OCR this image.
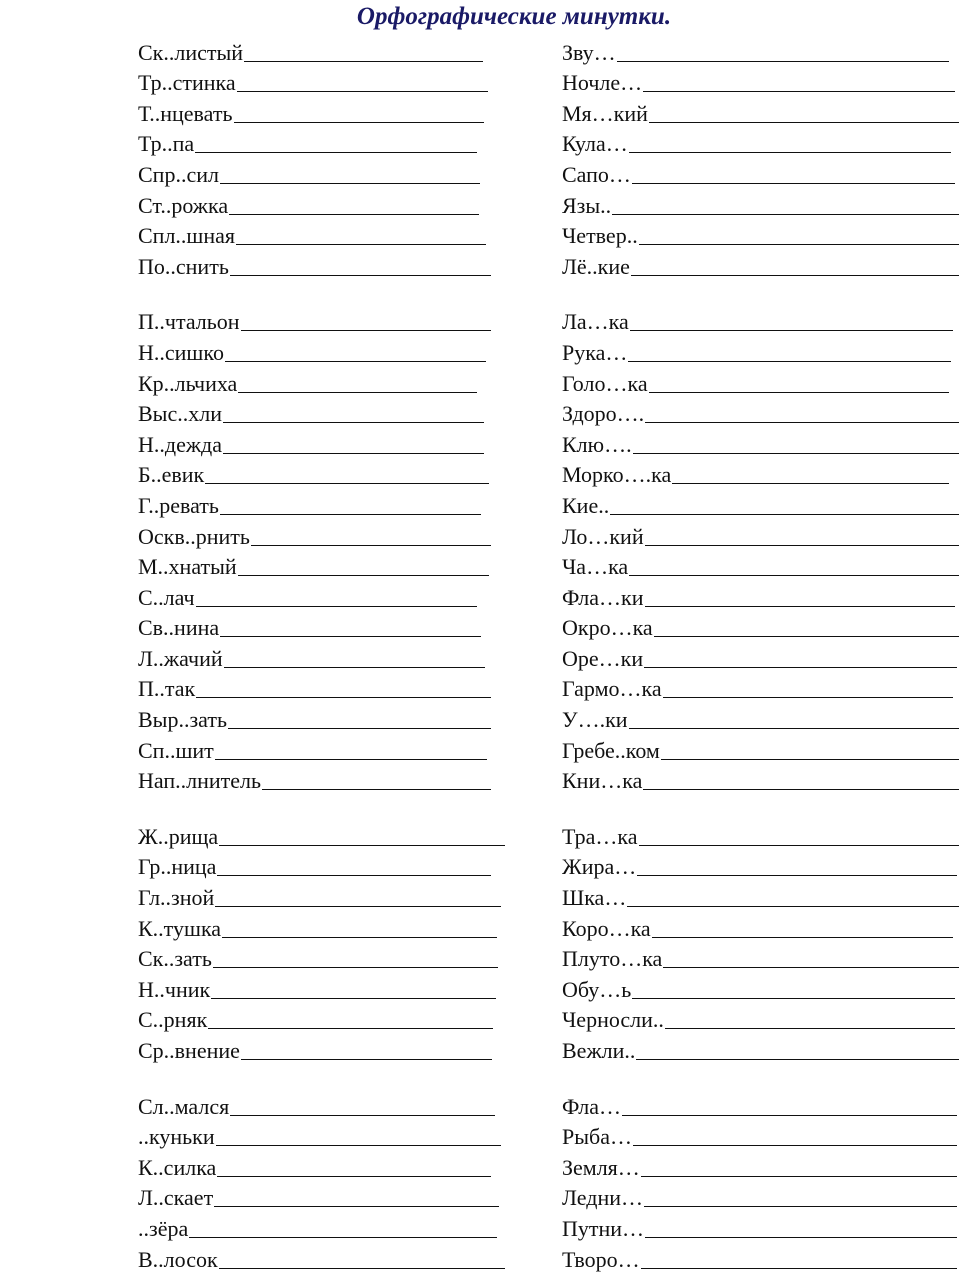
Орфографические минутки.
Ск..листый
Тр..стинка
Т..нцевать
Тр..па
Спр..сил
Ст..рожка
Спл..шная
По..снить
П..чтальон
Н..сишко
Кр..льчиха
Выс..хли
Н..дежда
Б..евик
Г..ревать
Оскв..рнить
М..хнатый
С..лач
Св..нина
Л..жачий
П..так
Выр..зать
Сп..шит
Нап..лнитель
Ж..рища
Гр..ница
Гл..зной
К..тушка
Ск..зать
Н..чник
С..рняк
Ср..внение
Сл..мался
..куньки
К..силка
Л..скает
..зёра
В..лосок
Зву…
Ночле…
Мя…кий
Кула…
Сапо…
Язы..
Четвер..
Лё..кие
Ла…ка
Рука…
Голо…ка
Здоро….
Клю….
Морко….ка
Кие..
Ло…кий
Ча…ка
Фла…ки
Окро…ка
Оре…ки
Гармо…ка
У….ки
Гребе..ком
Кни…ка
Тра…ка
Жира…
Шка…
Коро…ка
Плуто…ка
Обу…ь
Черносли..
Вежли..
Фла…
Рыба…
Земля…
Ледни…
Путни…
Творо…
